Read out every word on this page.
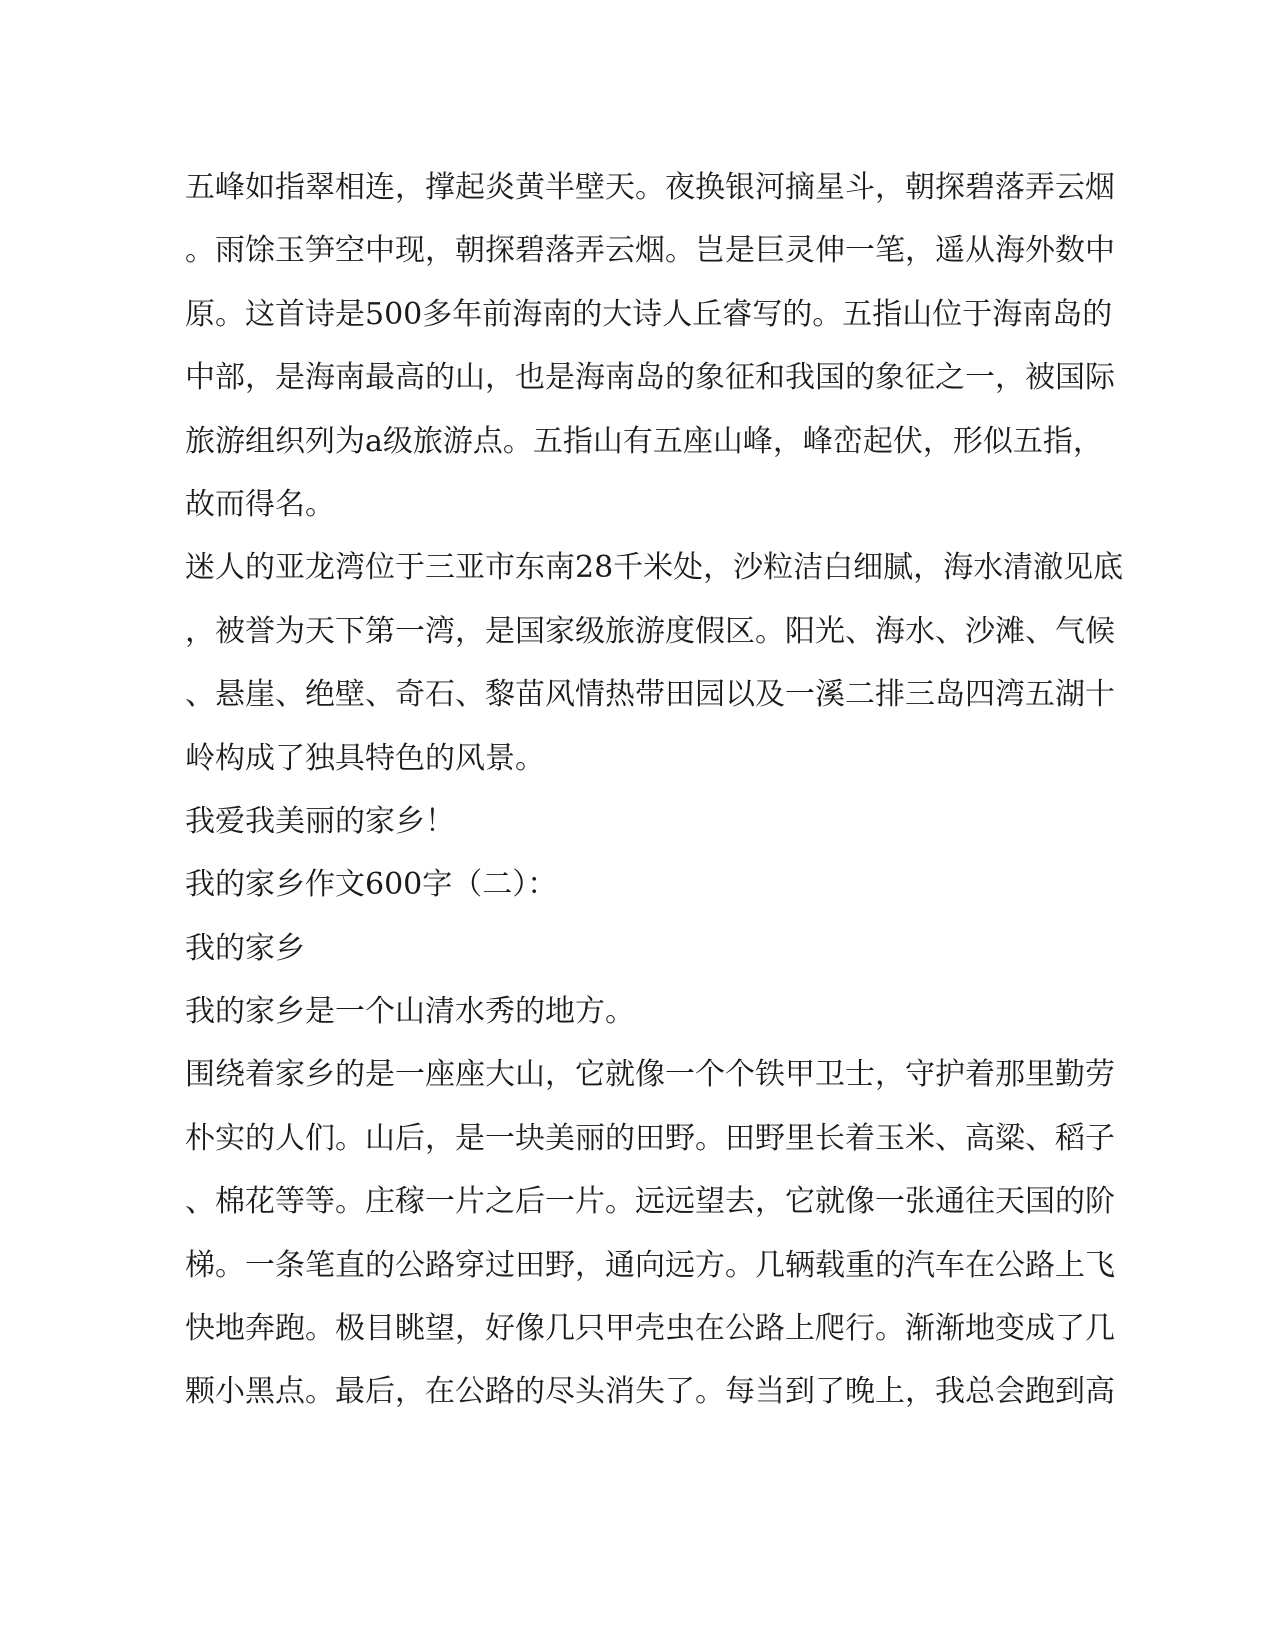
五峰如指翠相连，撑起炎黄半壁天。夜换银河摘星斗，朝探碧落弄云烟
。雨馀玉笋空中现，朝探碧落弄云烟。岂是巨灵伸一笔，遥从海外数中
原。这首诗是500多年前海南的大诗人丘睿写的。五指山位于海南岛的
中部，是海南最高的山，也是海南岛的象征和我国的象征之一，被国际
旅游组织列为a级旅游点。五指山有五座山峰，峰峦起伏，形似五指，
故而得名。
迷人的亚龙湾位于三亚市东南28千米处，沙粒洁白细腻，海水清澈见底
，被誉为天下第一湾，是国家级旅游度假区。阳光、海水、沙滩、气候
、悬崖、绝壁、奇石、黎苗风情热带田园以及一溪二排三岛四湾五湖十
岭构成了独具特色的风景。
我爱我美丽的家乡！
我的家乡作文600字（二）：
我的家乡
我的家乡是一个山清水秀的地方。
围绕着家乡的是一座座大山，它就像一个个铁甲卫士，守护着那里勤劳
朴实的人们。山后，是一块美丽的田野。田野里长着玉米、高粱、稻子
、棉花等等。庄稼一片之后一片。远远望去，它就像一张通往天国的阶
梯。一条笔直的公路穿过田野，通向远方。几辆载重的汽车在公路上飞
快地奔跑。极目眺望，好像几只甲壳虫在公路上爬行。渐渐地变成了几
颗小黑点。最后，在公路的尽头消失了。每当到了晚上，我总会跑到高
